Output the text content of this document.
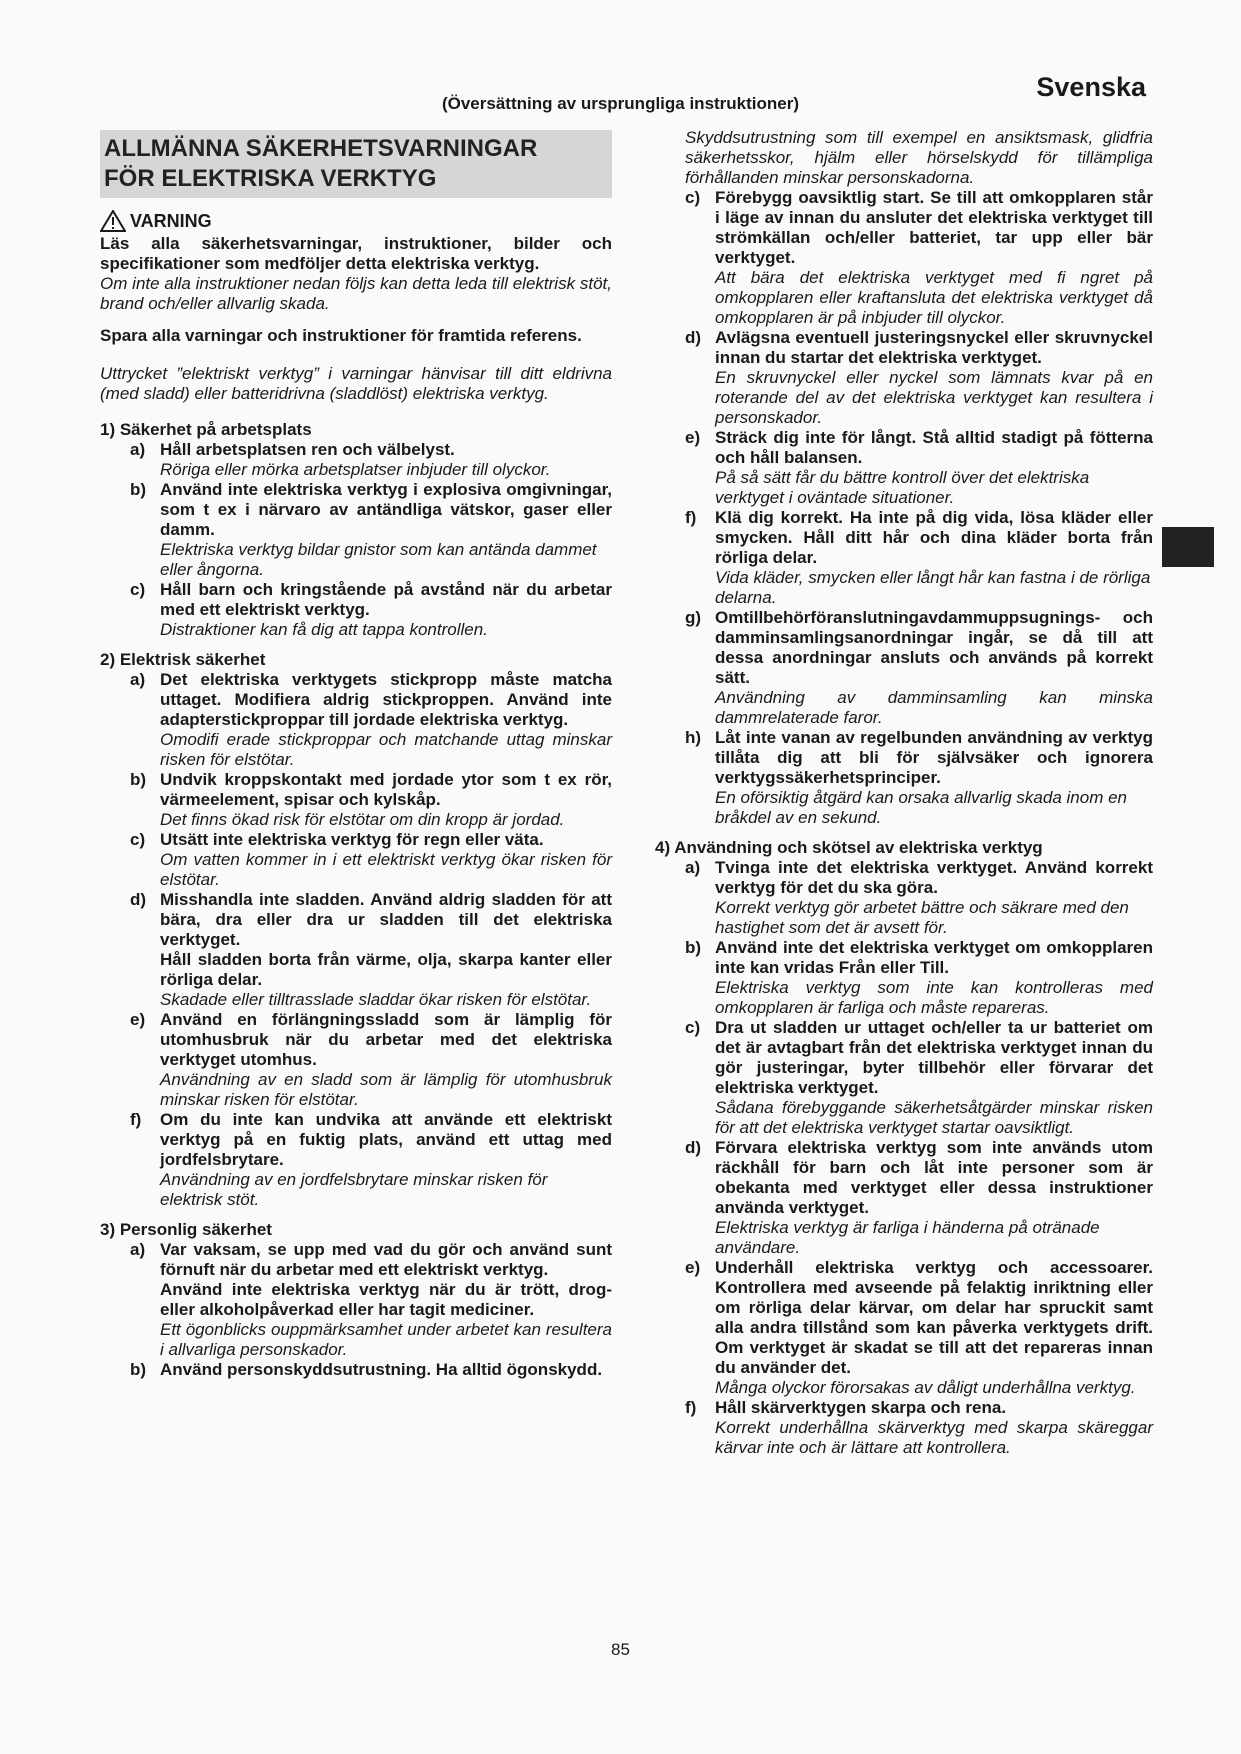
Svenska
(Översättning av ursprungliga instruktioner)
ALLMÄNNA SÄKERHETSVARNINGAR
FÖR ELEKTRISKA VERKTYG
VARNING

Läs alla säkerhetsvarningar, instruktioner, bilder och specifikationer som medföljer detta elektriska verktyg.

Om inte alla instruktioner nedan följs kan detta leda till elektrisk stöt, brand och/eller allvarlig skada.

Spara alla varningar och instruktioner för framtida referens.

Uttrycket ”elektriskt verktyg” i varningar hänvisar till ditt eldrivna (med sladd) eller batteridrivna (sladdlöst) elektriska verktyg.

1) Säkerhet på arbetsplats

a) Håll arbetsplatsen ren och välbelyst.

Röriga eller mörka arbetsplatser inbjuder till olyckor.

b) Använd inte elektriska verktyg i explosiva omgivningar, som t ex i närvaro av antändliga vätskor, gaser eller damm.

Elektriska verktyg bildar gnistor som kan antända dammet eller ångorna.

c) Håll barn och kringstående på avstånd när du arbetar med ett elektriskt verktyg.

Distraktioner kan få dig att tappa kontrollen.

2) Elektrisk säkerhet

a) Det elektriska verktygets stickpropp måste matcha uttaget. Modifiera aldrig stickproppen. Använd inte adapterstickproppar till jordade elektriska verktyg.

Omodifi erade stickproppar och matchande uttag minskar risken för elstötar.

b) Undvik kroppskontakt med jordade ytor som t ex rör, värmeelement, spisar och kylskåp.

Det finns ökad risk för elstötar om din kropp är jordad.

c) Utsätt inte elektriska verktyg för regn eller väta.

Om vatten kommer in i ett elektriskt verktyg ökar risken för elstötar.

d) Misshandla inte sladden. Använd aldrig sladden för att bära, dra eller dra ur sladden till det elektriska verktyget.

Håll sladden borta från värme, olja, skarpa kanter eller rörliga delar.

Skadade eller tilltrasslade sladdar ökar risken för elstötar.

e) Använd en förlängningssladd som är lämplig för utomhusbruk när du arbetar med det elektriska verktyget utomhus.

Användning av en sladd som är lämplig för utomhusbruk minskar risken för elstötar.

f)	Om du inte kan undvika att använde ett elektriskt verktyg på en fuktig plats, använd ett uttag med jordfelsbrytare.

Användning av en jordfelsbrytare minskar risken för elektrisk stöt.

3) Personlig säkerhet

a) Var vaksam, se upp med vad du gör och använd sunt förnuft när du arbetar med ett elektriskt verktyg.

Använd inte elektriska verktyg när du är trött, drog- eller alkoholpåverkad eller har tagit mediciner.

Ett ögonblicks ouppmärksamhet under arbetet kan resultera i allvarliga personskador.

b) Använd personskyddsutrustning. Ha alltid ögonskydd.

Skyddsutrustning som till exempel en ansiktsmask, glidfria säkerhetsskor, hjälm eller hörselskydd för tillämpliga förhållanden minskar personskadorna.

c) Förebygg oavsiktlig start. Se till att omkopplaren står i läge av innan du ansluter det elektriska verktyget till strömkällan och/eller batteriet, tar upp eller bär verktyget.

Att bära det elektriska verktyget med fi ngret på omkopplaren eller kraftansluta det elektriska verktyget då omkopplaren är på inbjuder till olyckor.

d) Avlägsna eventuell justeringsnyckel eller skruvnyckel innan du startar det elektriska verktyget.

En skruvnyckel eller nyckel som lämnats kvar på en roterande del av det elektriska verktyget kan resultera i personskador.

e) Sträck dig inte för långt. Stå alltid stadigt på fötterna och håll balansen.

På så sätt får du bättre kontroll över det elektriska verktyget i oväntade situationer.

f)	Klä dig korrekt. Ha inte på dig vida, lösa kläder eller smycken. Håll ditt hår och dina kläder borta från rörliga delar.

Vida kläder, smycken eller långt hår kan fastna i de rörliga delarna.

g) Omtillbehörföranslutningavdammuppsugnings- och damminsamlingsanordningar ingår, se då till att dessa anordningar ansluts och används på korrekt sätt.

Användning av damminsamling kan minska dammrelaterade faror.

h) Låt inte vanan av regelbunden användning av verktyg tillåta dig att bli för självsäker och ignorera verktygssäkerhetsprinciper.

En oförsiktig åtgärd kan orsaka allvarlig skada inom en bråkdel av en sekund.

4) Användning och skötsel av elektriska verktyg

a) Tvinga inte det elektriska verktyget. Använd korrekt verktyg för det du ska göra.

Korrekt verktyg gör arbetet bättre och säkrare med den hastighet som det är avsett för.

b) Använd inte det elektriska verktyget om omkopplaren inte kan vridas Från eller Till.

Elektriska verktyg som inte kan kontrolleras med omkopplaren är farliga och måste repareras.

c) Dra ut sladden ur uttaget och/eller ta ur batteriet om det är avtagbart från det elektriska verktyget innan du gör justeringar, byter tillbehör eller förvarar det elektriska verktyget.

Sådana förebyggande säkerhetsåtgärder minskar risken för att det elektriska verktyget startar oavsiktligt.

d) Förvara elektriska verktyg som inte används utom räckhåll för barn och låt inte personer som är obekanta med verktyget eller dessa instruktioner använda verktyget.

Elektriska verktyg är farliga i händerna på otränade användare.

e) Underhåll elektriska verktyg och accessoarer. Kontrollera med avseende på felaktig inriktning eller om rörliga delar kärvar, om delar har spruckit samt alla andra tillstånd som kan påverka verktygets drift. Om verktyget är skadat se till att det repareras innan du använder det.

Många olyckor förorsakas av dåligt underhållna verktyg.

f)	Håll skärverktygen skarpa och rena.

Korrekt underhållna skärverktyg med skarpa skäreggar kärvar inte och är lättare att kontrollera.

85
